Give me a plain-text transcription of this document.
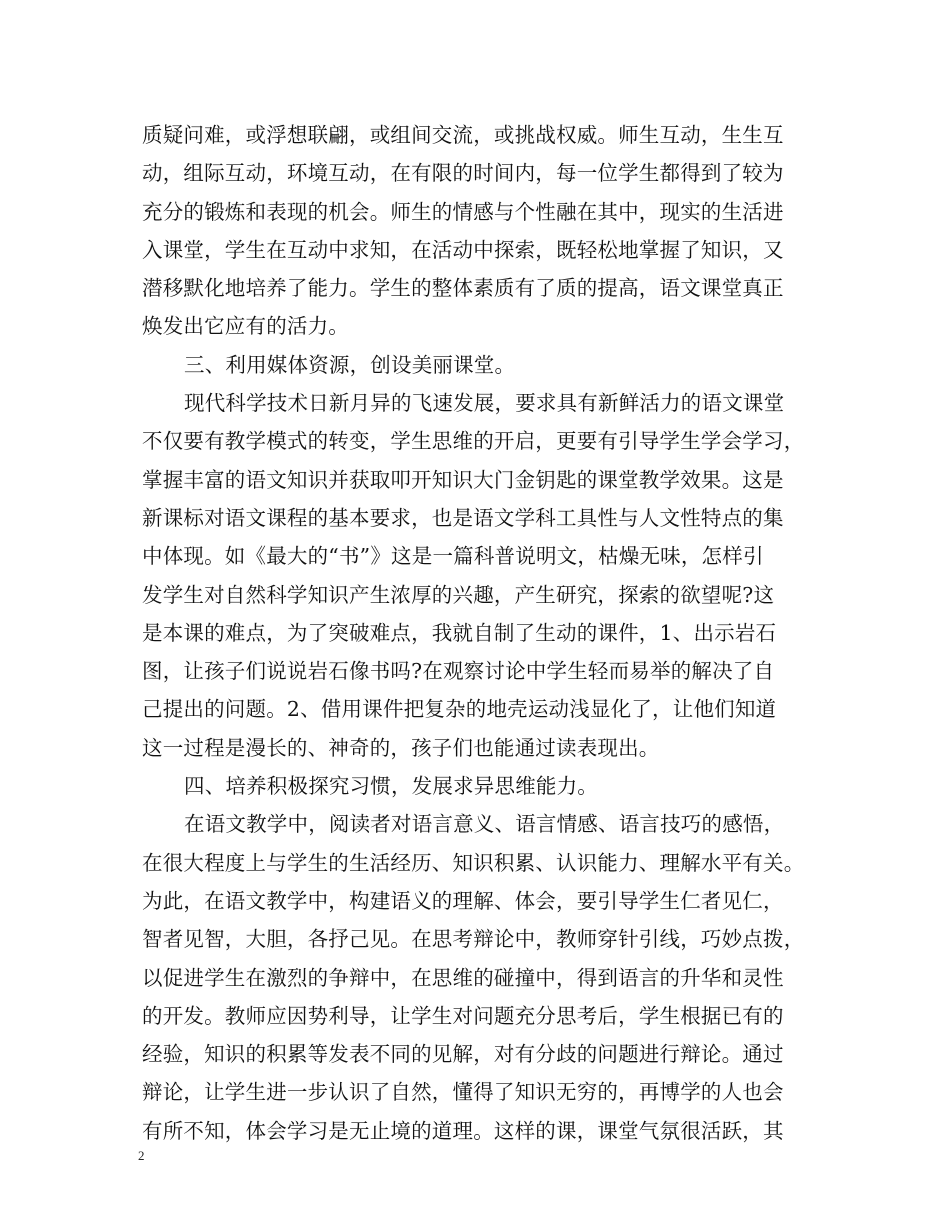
质疑问难，或浮想联翩，或组间交流，或挑战权威。师生互动，生生互
动，组际互动，环境互动，在有限的时间内，每一位学生都得到了较为
充分的锻炼和表现的机会。师生的情感与个性融在其中，现实的生活进
入课堂，学生在互动中求知，在活动中探索，既轻松地掌握了知识，又
潜移默化地培养了能力。学生的整体素质有了质的提高，语文课堂真正
焕发出它应有的活力。
三、利用媒体资源，创设美丽课堂。
现代科学技术日新月异的飞速发展，要求具有新鲜活力的语文课堂
不仅要有教学模式的转变，学生思维的开启，更要有引导学生学会学习，
掌握丰富的语文知识并获取叩开知识大门金钥匙的课堂教学效果。这是
新课标对语文课程的基本要求，也是语文学科工具性与人文性特点的集
中体现。如《最大的“书”》这是一篇科普说明文，枯燥无味，怎样引
发学生对自然科学知识产生浓厚的兴趣，产生研究，探索的欲望呢?这
是本课的难点，为了突破难点，我就自制了生动的课件，1、出示岩石
图，让孩子们说说岩石像书吗?在观察讨论中学生轻而易举的解决了自
己提出的问题。2、借用课件把复杂的地壳运动浅显化了，让他们知道
这一过程是漫长的、神奇的，孩子们也能通过读表现出。
四、培养积极探究习惯，发展求异思维能力。
在语文教学中，阅读者对语言意义、语言情感、语言技巧的感悟，
在很大程度上与学生的生活经历、知识积累、认识能力、理解水平有关。
为此，在语文教学中，构建语义的理解、体会，要引导学生仁者见仁，
智者见智，大胆，各抒己见。在思考辩论中，教师穿针引线，巧妙点拨，
以促进学生在激烈的争辩中，在思维的碰撞中，得到语言的升华和灵性
的开发。教师应因势利导，让学生对问题充分思考后，学生根据已有的
经验，知识的积累等发表不同的见解，对有分歧的问题进行辩论。通过
辩论，让学生进一步认识了自然，懂得了知识无穷的，再博学的人也会
有所不知，体会学习是无止境的道理。这样的课，课堂气氛很活跃，其
2
